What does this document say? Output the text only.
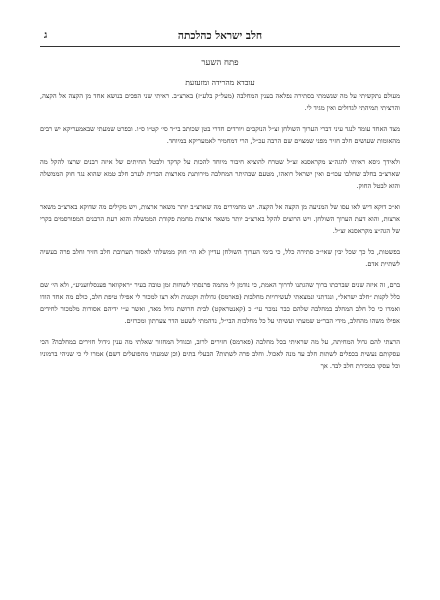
חלב ישראל כהלכתה
ג
פתח השער
עובדא מהרידה ומזעזעת

מעולם נתקשיתי על מה שנשמתי בסתירה נפלאה בענין המחלבה (מעל״ק בלע״ז) בארצ״ב. ראיתי שני הפכים בנושא אחד מן הקצה אל הקצה, והרציתי תמיהתי לגדולים ואין מגיד לי.

מצד האחד עומד לנגד עיני דברי הערוך השולחן זצ״ל הנוקבים ויורדים חדרי בטן שכותב בי״ד סי׳ קט״ו ס״ו. ובפרט שמעתי שבאמעריקא יש רבים מהאומות שעושים חלב חזיר מפני שמצוים שם הרבה עכ״ל, הרי דמחמיר לאמעריקא במיוחד.

ולאידך גיסא ראיתי להגה״צ מקראסנא זצ״ל שטרח להוציא חיבור מיוחד להכות על קדקד ולבטל החיתים של איזה רבנים שרצו להקל מה שארצ״ב בחלב שחלבו עכו״ם ואין ישראל רואהו, מטעם שבהיתר המחלבה מירותנת מארצות הברית לערב חלב טמא שהוא נגד חוק הממשלה והוא לבטל החוק.

וא״כ דוקא דיש לאו עסו של המניעה מן הקצה אל הקצה. יש מחמירים מה שארצ״ב יותר משאר ארצות, ויש מקילים מה שדוקא בארצ״ב משאר ארצות, והוא דעת הערוך השולחן. ויש הרוצים להקל בארצ״ב יותר משאר ארצות מחמת פקודת הממשלה והוא רעת הרבנים המפורסמים בקרי של הגה״צ מקראסנא זצ״ל.

בפשטות, כל כך שכל יבין שאי״כ סתירה כלל, כי בימי הערוך השולחן עדיין לא הי׳ חוק ממשלתי לאסור תערובת חלב חזיר וחלב פרה בעשיה לשתיית אדם.

ברם, זה איזה שנים שברכתו ברוך שהגתנו לדרוך האמת, כי נודמן לי מתמה פרנסתי לשחות זמן טובה בעיר ״ראקוואר פענסלוועניע״, ולא הי׳ שם כלל לקנות ״חלב ישראל״, ונגדתני ונמצאתי לעשירויות מחלבות (פארמס) גדולות וקטנות ולא רצו למכור לי אפילו טיפת חלב, כולם מה אחד הודו ואמרו כי כל חלב המחלב במחלבה שלהם כבר נמכר עי״ כ (קאנטראקט) לבית חרושת גדול מאד, ואשר ע״י ידיהם אסורות מלמכור לחידים אפילו משהו מהחלב, מידי הבר״ט שמעתי ועשיתי על כל מחלבות הבי״ל, נדהמתי לשעט הדר צערתון ומכרזים.

הרצתי להם גדול המחיתה, על מה שראיתי בכל מחלבה (פארמס) חזירים לרוב, ובגודל המחזור שאלתי מה ענין גידול חזירים במחלבה? הכי עסקותם נעשית בכפלים לשתות חלב עד מנה לאכול. וחלב פרה לשתות? הבעלי בתים (וכן שמעתי מהפועלים דשם) אמרו לי כי שניהי ברמוניו וכל עסקו במכירת חלב לבד. אך
